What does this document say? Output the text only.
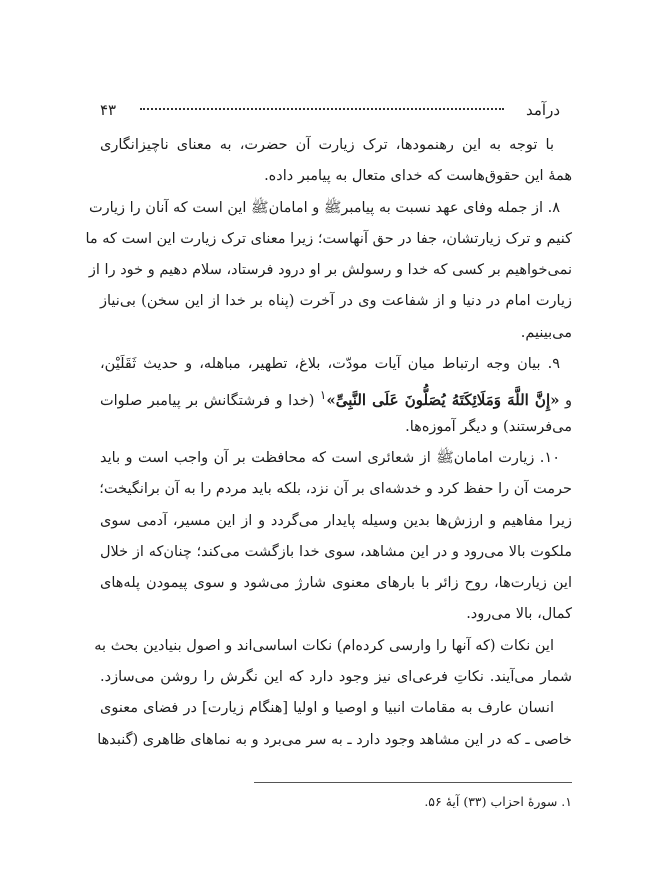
درآمد
۴۳
با توجه به این رهنمودها، ترک زیارت آن حضرت، به معنای ناچیزانگاری
همهٔ این حقوق‌هاست که خدای متعال به پیامبر داده.
۸. از جمله وفای عهد نسبت به پیامبرﷺ و امامانﷺ این است که آنان را زیارت
کنیم و ترک زیارتشان، جفا در حق آنهاست؛ زیرا معنای ترک زیارت این است که ما
نمی‌خواهیم بر کسی که خدا و رسولش بر او درود فرستاد، سلام دهیم و خود را از
زیارت امام در دنیا و از شفاعت وی در آخرت (پناه بر خدا از این سخن) بی‌نیاز
می‌بینیم.
۹. بیان وجه ارتباط میان آیات مودّت، بلاغ، تطهیر، مباهله، و حدیث ثَقَلَیْن،
و «إِنَّ اللَّهَ وَمَلَائِکَتَهُ یُصَلُّونَ عَلَى النَّبِیِّ»$^۱$ (خدا و فرشتگانش بر پیامبر صلوات
می‌فرستند) و دیگر آموزه‌ها.
۱۰. زیارت امامانﷺ از شعائری است که محافظت بر آن واجب است و باید
حرمت آن را حفظ کرد و خدشه‌ای بر آن نزد، بلکه باید مردم را به آن برانگیخت؛
زیرا مفاهیم و ارزش‌ها بدین وسیله پایدار می‌گردد و از این مسیر، آدمی سوی
ملکوت بالا می‌رود و در این مشاهد، سوی خدا بازگشت می‌کند؛ چنان‌که از خلال
این زیارت‌ها، روح زائر با بارهای معنوی شارژ می‌شود و سوی پیمودن پله‌های
کمال، بالا می‌رود.
این نکات (که آنها را وارسی کرده‌ام) نکات اساسی‌اند و اصول بنیادین بحث به
شمار می‌آیند. نکاتِ فرعی‌ای نیز وجود دارد که این نگرش را روشن می‌سازد.
انسان عارف به مقامات انبیا و اوصیا و اولیا [هنگام زیارت] در فضای معنوی
خاصی ـ که در این مشاهد وجود دارد ـ به سر می‌برد و به نماهای ظاهری (گنبدها
۱. سورهٔ احزاب (۳۳) آیهٔ ۵۶.
